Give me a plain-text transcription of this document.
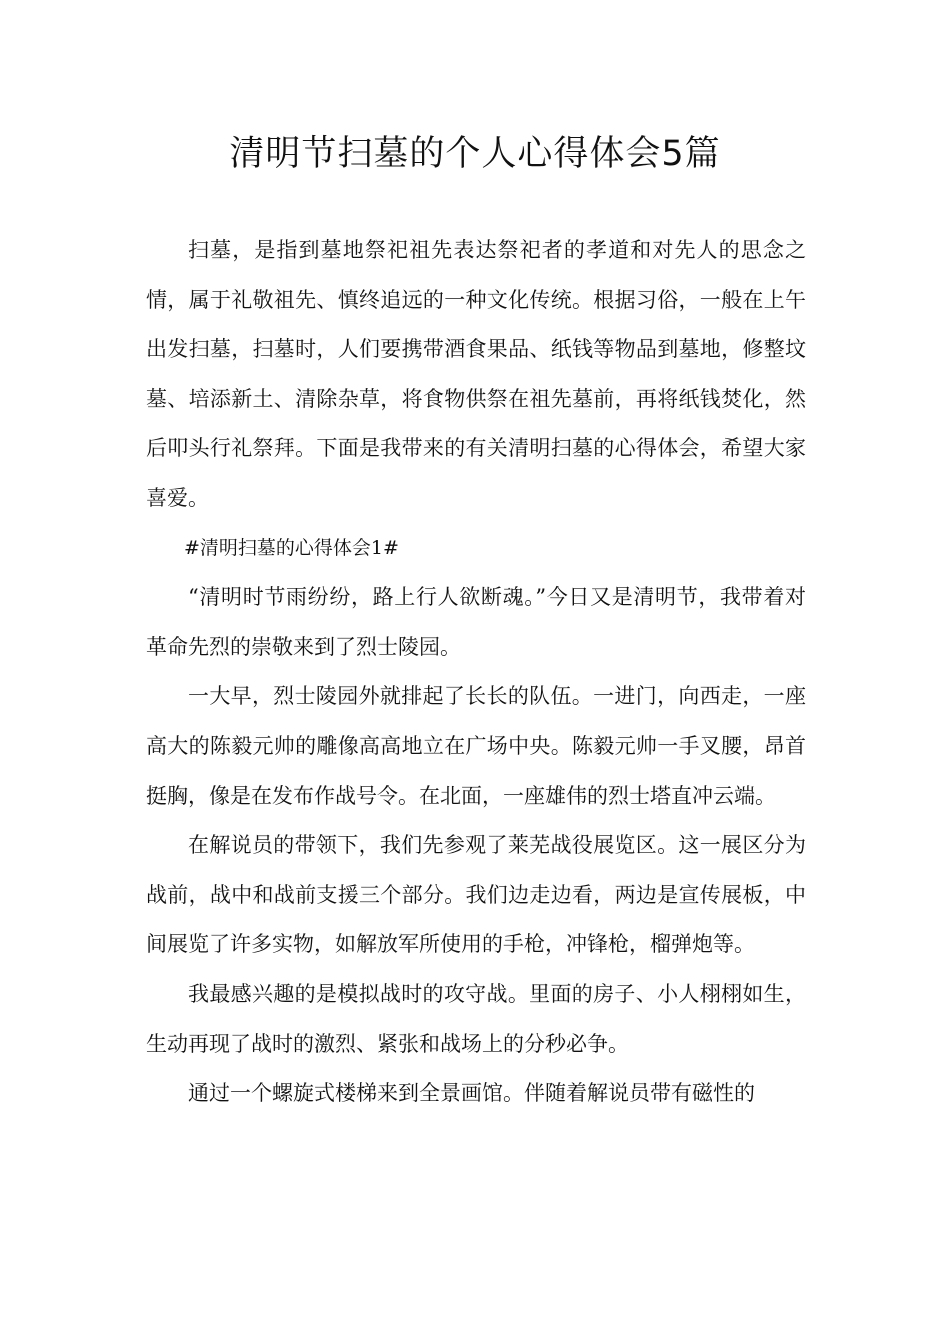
清明节扫墓的个人心得体会5篇

扫墓，是指到墓地祭祀祖先表达祭祀者的孝道和对先人的思念之情，属于礼敬祖先、慎终追远的一种文化传统。根据习俗，一般在上午出发扫墓，扫墓时，人们要携带酒食果品、纸钱等物品到墓地，修整坟墓、培添新土、清除杂草，将食物供祭在祖先墓前，再将纸钱焚化，然后叩头行礼祭拜。下面是我带来的有关清明扫墓的心得体会，希望大家喜爱。

#清明扫墓的心得体会1#

“清明时节雨纷纷，路上行人欲断魂。”今日又是清明节，我带着对革命先烈的崇敬来到了烈士陵园。

一大早，烈士陵园外就排起了长长的队伍。一进门，向西走，一座高大的陈毅元帅的雕像高高地立在广场中央。陈毅元帅一手叉腰，昂首挺胸，像是在发布作战号令。在北面，一座雄伟的烈士塔直冲云端。

在解说员的带领下，我们先参观了莱芜战役展览区。这一展区分为战前，战中和战前支援三个部分。我们边走边看，两边是宣传展板，中间展览了许多实物，如解放军所使用的手枪，冲锋枪，榴弹炮等。

我最感兴趣的是模拟战时的攻守战。里面的房子、小人栩栩如生，生动再现了战时的激烈、紧张和战场上的分秒必争。

通过一个螺旋式楼梯来到全景画馆。伴随着解说员带有磁性的
